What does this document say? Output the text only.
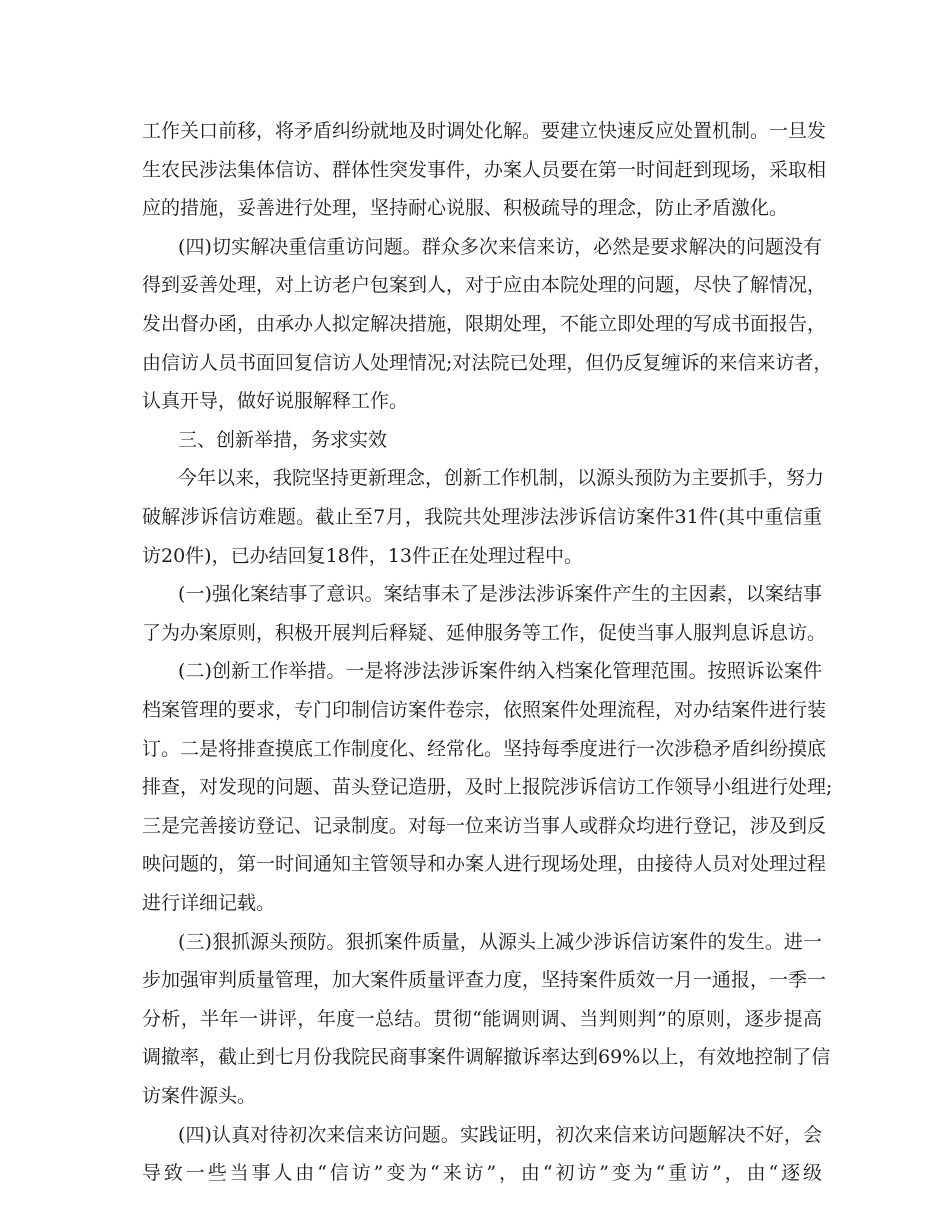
工作关口前移，将矛盾纠纷就地及时调处化解。要建立快速反应处置机制。一旦发
生农民涉法集体信访、群体性突发事件，办案人员要在第一时间赶到现场，采取相
应的措施，妥善进行处理，坚持耐心说服、积极疏导的理念，防止矛盾激化。
(四)切实解决重信重访问题。群众多次来信来访，必然是要求解决的问题没有
得到妥善处理，对上访老户包案到人，对于应由本院处理的问题，尽快了解情况，
发出督办函，由承办人拟定解决措施，限期处理，不能立即处理的写成书面报告，
由信访人员书面回复信访人处理情况;对法院已处理，但仍反复缠诉的来信来访者，
认真开导，做好说服解释工作。
三、创新举措，务求实效
今年以来，我院坚持更新理念，创新工作机制，以源头预防为主要抓手，努力
破解涉诉信访难题。截止至7月，我院共处理涉法涉诉信访案件31件(其中重信重
访20件)，已办结回复18件，13件正在处理过程中。
(一)强化案结事了意识。案结事未了是涉法涉诉案件产生的主因素，以案结事
了为办案原则，积极开展判后释疑、延伸服务等工作，促使当事人服判息诉息访。
(二)创新工作举措。一是将涉法涉诉案件纳入档案化管理范围。按照诉讼案件
档案管理的要求，专门印制信访案件卷宗，依照案件处理流程，对办结案件进行装
订。二是将排查摸底工作制度化、经常化。坚持每季度进行一次涉稳矛盾纠纷摸底
排查，对发现的问题、苗头登记造册，及时上报院涉诉信访工作领导小组进行处理;
三是完善接访登记、记录制度。对每一位来访当事人或群众均进行登记，涉及到反
映问题的，第一时间通知主管领导和办案人进行现场处理，由接待人员对处理过程
进行详细记载。
(三)狠抓源头预防。狠抓案件质量，从源头上减少涉诉信访案件的发生。进一
步加强审判质量管理，加大案件质量评查力度，坚持案件质效一月一通报，一季一
分析，半年一讲评，年度一总结。贯彻“能调则调、当判则判”的原则，逐步提高
调撤率，截止到七月份我院民商事案件调解撤诉率达到69%以上，有效地控制了信
访案件源头。
(四)认真对待初次来信来访问题。实践证明，初次来信来访问题解决不好，会
导致一些当事人由“信访”变为“来访”，由“初访”变为“重访”，由“逐级
